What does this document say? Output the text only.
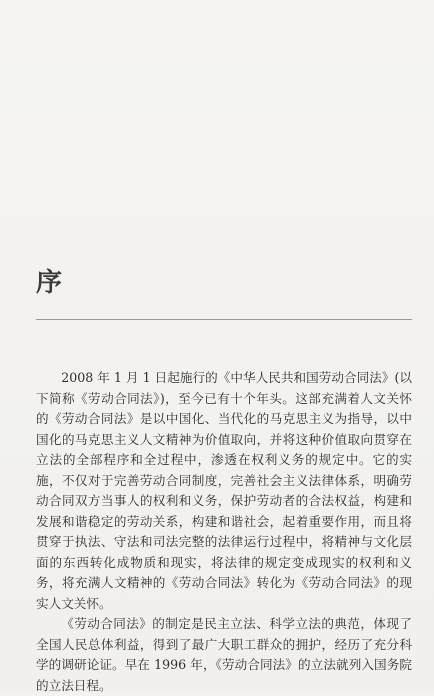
序

2008 年 1 月 1 日起施行的《中华人民共和国劳动合同法》(以下简称《劳动合同法》)，至今已有十个年头。这部充满着人文关怀的《劳动合同法》是以中国化、当代化的马克思主义为指导，以中国化的马克思主义人文精神为价值取向，并将这种价值取向贯穿在立法的全部程序和全过程中，渗透在权利义务的规定中。它的实施，不仅对于完善劳动合同制度，完善社会主义法律体系，明确劳动合同双方当事人的权利和义务，保护劳动者的合法权益，构建和发展和谐稳定的劳动关系，构建和谐社会，起着重要作用，而且将贯穿于执法、守法和司法完整的法律运行过程中，将精神与文化层面的东西转化成物质和现实，将法律的规定变成现实的权利和义务，将充满人文精神的《劳动合同法》转化为《劳动合同法》的现实人文关怀。

《劳动合同法》的制定是民主立法、科学立法的典范，体现了全国人民总体利益，得到了最广大职工群众的拥护，经历了充分科学的调研论证。早在 1996 年，《劳动合同法》的立法就列入国务院的立法日程。
